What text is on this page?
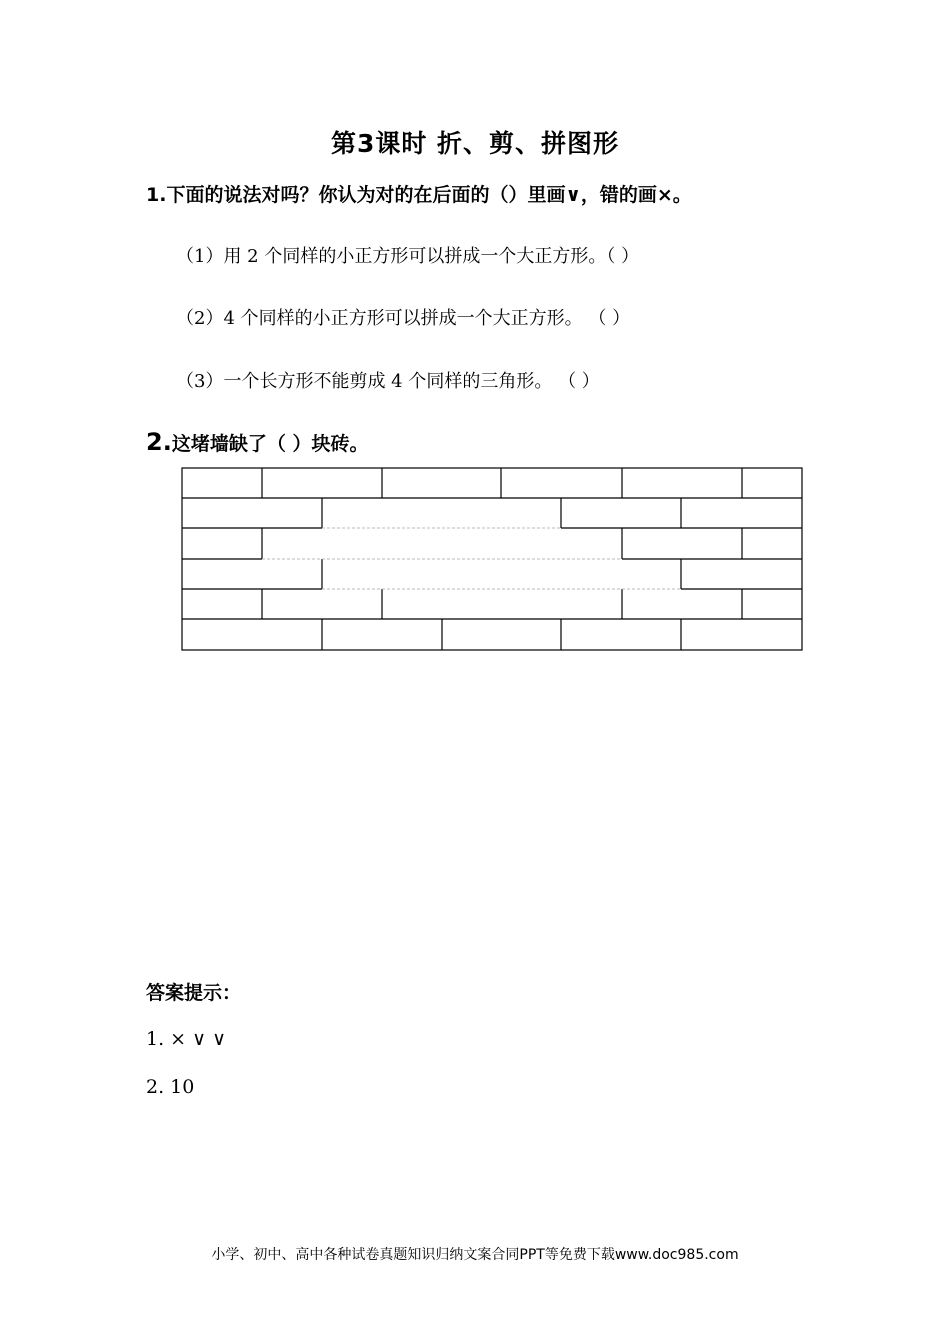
第3课时 折、剪、拼图形
1.下面的说法对吗？你认为对的在后面的（）里画∨，错的画×。
（1）用 2 个同样的小正方形可以拼成一个大正方形。（ ）
（2）4 个同样的小正方形可以拼成一个大正方形。 （ ）
（3）一个长方形不能剪成 4 个同样的三角形。 （ ）
2.这堵墙缺了（ ）块砖。
答案提示：
1. × ∨ ∨
2. 10
小学、初中、高中各种试卷真题知识归纳文案合同PPT等免费下载www.doc985.com
